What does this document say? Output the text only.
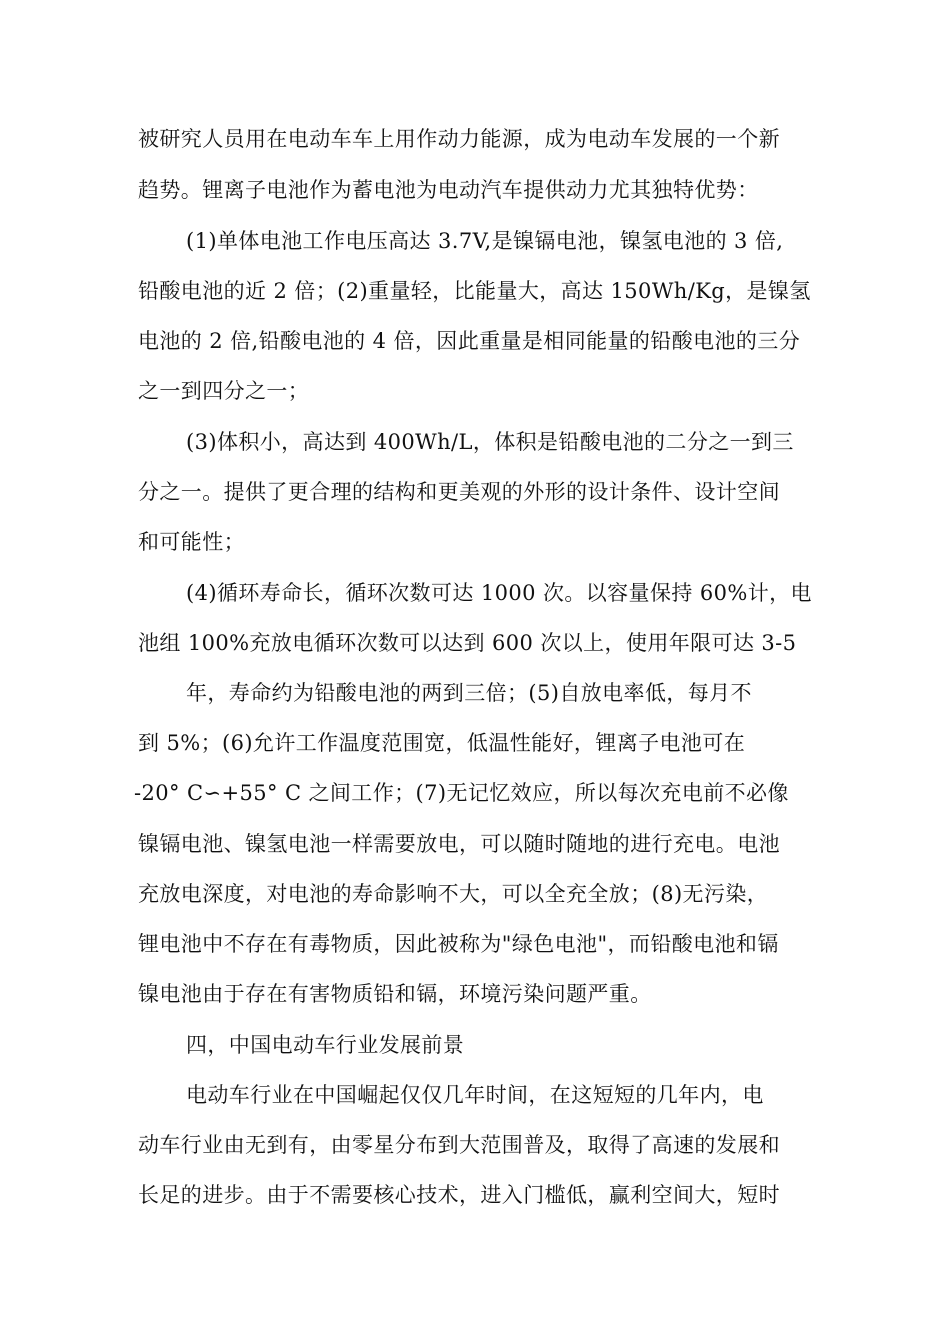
被研究人员用在电动车车上用作动力能源，成为电动车发展的一个新
趋势。锂离子电池作为蓄电池为电动汽车提供动力尤其独特优势：
(1)单体电池工作电压高达 3.7V,是镍镉电池，镍氢电池的 3 倍,
铅酸电池的近 2 倍；(2)重量轻，比能量大，高达 150Wh/Kg，是镍氢
电池的 2 倍,铅酸电池的 4 倍，因此重量是相同能量的铅酸电池的三分
之一到四分之一；
(3)体积小，高达到 400Wh/L，体积是铅酸电池的二分之一到三
分之一。提供了更合理的结构和更美观的外形的设计条件、设计空间
和可能性；
(4)循环寿命长，循环次数可达 1000 次。以容量保持 60%计，电
池组 100%充放电循环次数可以达到 600 次以上，使用年限可达 3-5
年，寿命约为铅酸电池的两到三倍；(5)自放电率低，每月不
到 5%；(6)允许工作温度范围宽，低温性能好，锂离子电池可在
-20° C∽+55° C 之间工作；(7)无记忆效应，所以每次充电前不必像
镍镉电池、镍氢电池一样需要放电，可以随时随地的进行充电。电池
充放电深度，对电池的寿命影响不大，可以全充全放；(8)无污染，
锂电池中不存在有毒物质，因此被称为"绿色电池"，而铅酸电池和镉
镍电池由于存在有害物质铅和镉，环境污染问题严重。
四，中国电动车行业发展前景
电动车行业在中国崛起仅仅几年时间，在这短短的几年内，电
动车行业由无到有，由零星分布到大范围普及，取得了高速的发展和
长足的进步。由于不需要核心技术，进入门槛低，赢利空间大，短时
